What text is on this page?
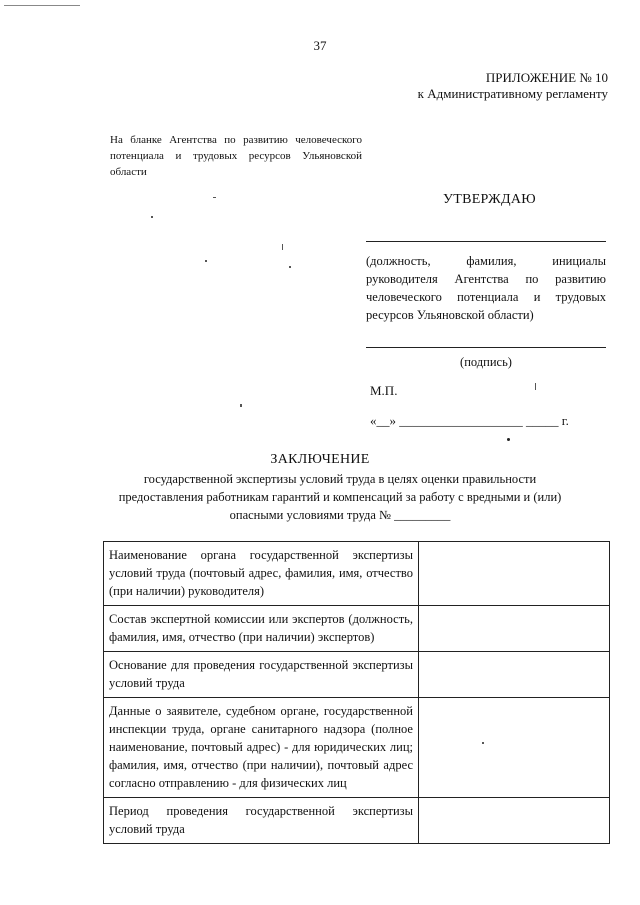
37
ПРИЛОЖЕНИЕ № 10
к Административному регламенту
На бланке Агентства по развитию человеческого потенциала и трудовых ресурсов Ульяновской области
УТВЕРЖДАЮ
(должность, фамилия, инициалы руководителя Агентства по развитию человеческого потенциала и трудовых ресурсов Ульяновской области)
(подпись)
М.П.
«__» ___________________ _____ г.
ЗАКЛЮЧЕНИЕ
государственной экспертизы условий труда в целях оценки правильности предоставления работникам гарантий и компенсаций за работу с вредными и (или) опасными условиями труда № _________
Наименование органа государственной экспертизы условий труда (почтовый адрес, фамилия, имя, отчество (при наличии) руководителя)	
Состав экспертной комиссии или экспертов (должность, фамилия, имя, отчество (при наличии) экспертов)	
Основание для проведения государственной экспертизы условий труда	
Данные о заявителе, судебном органе, государственной инспекции труда, органе санитарного надзора (полное наименование, почтовый адрес) - для юридических лиц; фамилия, имя, отчество (при наличии), почтовый адрес согласно отправлению - для физических лиц	
Период проведения государственной экспертизы условий труда	
